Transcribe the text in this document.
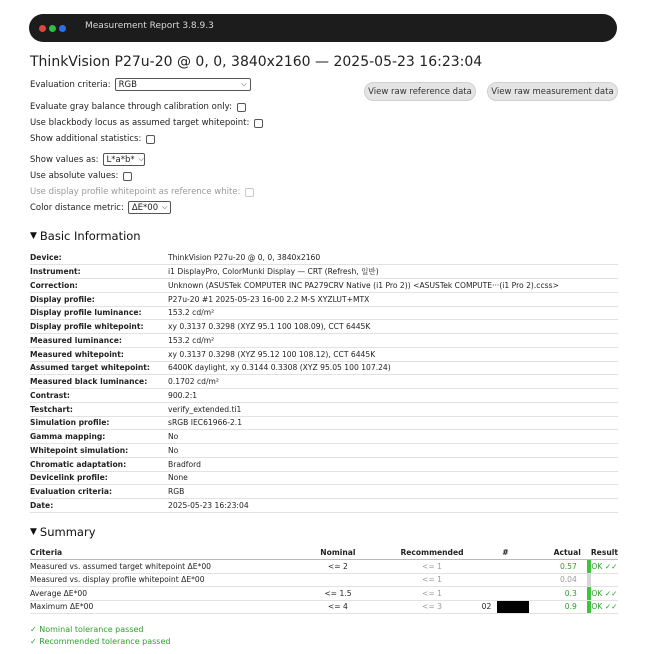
Measurement Report 3.8.9.3
ThinkVision P27u-20 @ 0, 0, 3840x2160 — 2025-05-23 16:23:04
Evaluation criteria: RGB	⌵
View raw reference data	View raw measurement data
Evaluate gray balance through calibration only:
Use blackbody locus as assumed target whitepoint:
Show additional statistics:
Show values as: L*a*b* ⌵
Use absolute values:
Use display profile whitepoint as reference white:
Color distance metric: ΔE*00 ⌵
▼ Basic Information
Device:	ThinkVision P27u-20 @ 0, 0, 3840x2160
Instrument:	i1 DisplayPro, ColorMunki Display — CRT (Refresh, 일반)
Correction:	Unknown (ASUSTek COMPUTER INC PA279CRV Native (i1 Pro 2)) <ASUSTek COMPUTE···(i1 Pro 2).ccss>
Display profile:	P27u-20 #1 2025-05-23 16-00 2.2 M-S XYZLUT+MTX
Display profile luminance:	153.2 cd/m²
Display profile whitepoint:	xy 0.3137 0.3298 (XYZ 95.1 100 108.09), CCT 6445K
Measured luminance:	153.2 cd/m²
Measured whitepoint:	xy 0.3137 0.3298 (XYZ 95.12 100 108.12), CCT 6445K
Assumed target whitepoint:	6400K daylight, xy 0.3144 0.3308 (XYZ 95.05 100 107.24)
Measured black luminance:	0.1702 cd/m²
Contrast:	900.2:1
Testchart:	verify_extended.ti1
Simulation profile:	sRGB IEC61966-2.1
Gamma mapping:	No
Whitepoint simulation:	No
Chromatic adaptation:	Bradford
Devicelink profile:	None
Evaluation criteria:	RGB
Date:	2025-05-23 16:23:04
▼ Summary
Criteria	Nominal	Recommended	#	Actual		Result
Measured vs. assumed target whitepoint ΔE*00	<= 2	<= 1		0.57		OK ✓✓
Measured vs. display profile whitepoint ΔE*00		<= 1		0.04		
Average ΔE*00	<= 1.5	<= 1		0.3		OK ✓✓
Maximum ΔE*00	<= 4	<= 3	02	0.9		OK ✓✓
✓ Nominal tolerance passed
✓ Recommended tolerance passed
